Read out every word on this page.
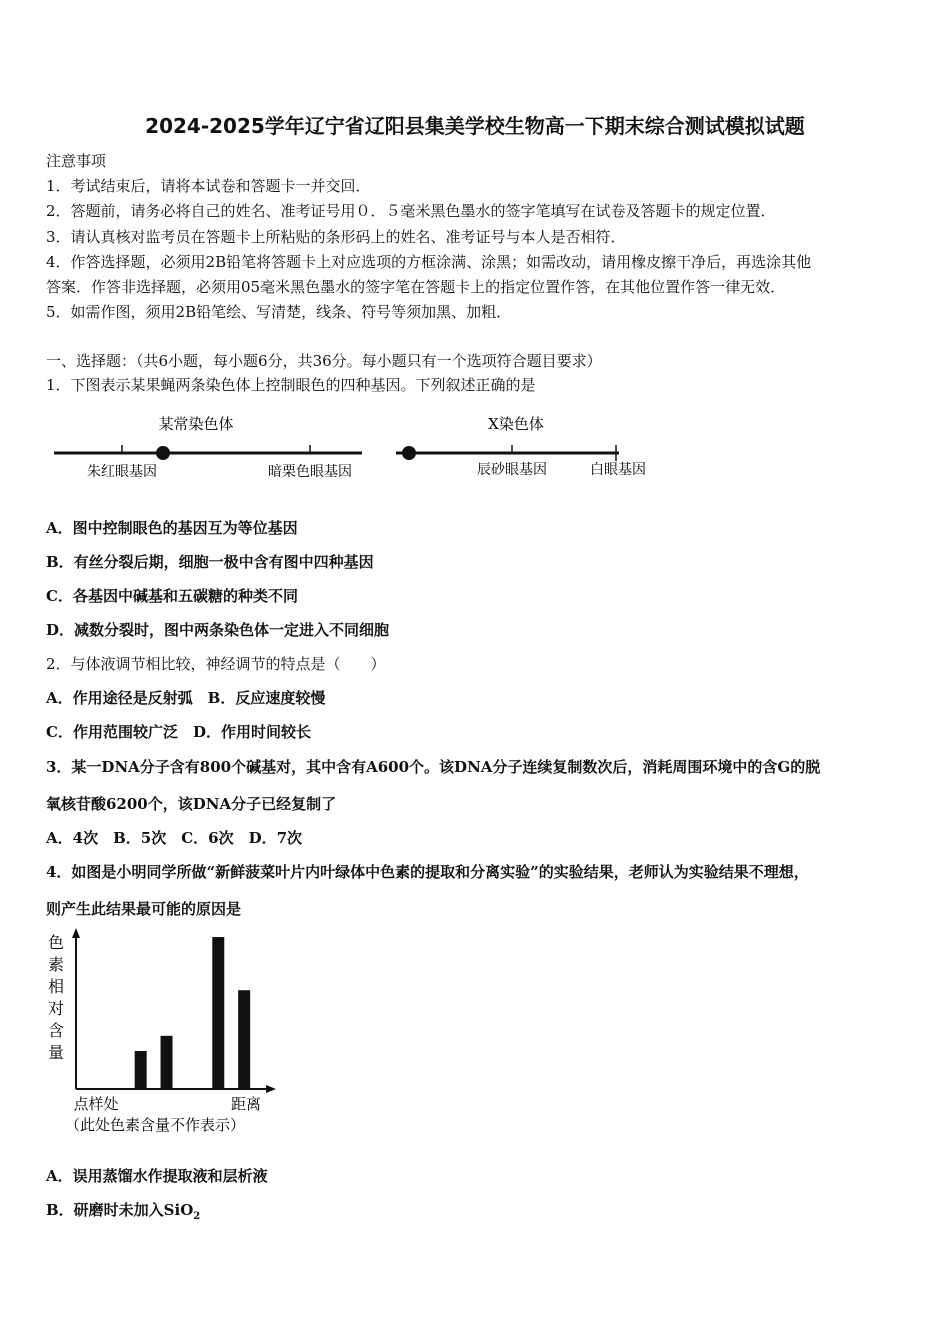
2024-2025学年辽宁省辽阳县集美学校生物高一下期末综合测试模拟试题
注意事项
1．考试结束后，请将本试卷和答题卡一并交回．
2．答题前，请务必将自己的姓名、准考证号用０．５毫米黑色墨水的签字笔填写在试卷及答题卡的规定位置．
3．请认真核对监考员在答题卡上所粘贴的条形码上的姓名、准考证号与本人是否相符．
4．作答选择题，必须用2B铅笔将答题卡上对应选项的方框涂满、涂黑；如需改动，请用橡皮擦干净后，再选涂其他
答案．作答非选择题，必须用05毫米黑色墨水的签字笔在答题卡上的指定位置作答，在其他位置作答一律无效．
5．如需作图，须用2B铅笔绘、写清楚，线条、符号等须加黑、加粗．
一、选择题：（共6小题，每小题6分，共36分。每小题只有一个选项符合题目要求）
1．下图表示某果蝇两条染色体上控制眼色的四种基因。下列叙述正确的是
某常染色体
朱红眼基因	暗栗色眼基因
X染色体
辰砂眼基因	白眼基因
A．图中控制眼色的基因互为等位基因
B．有丝分裂后期，细胞一极中含有图中四种基因
C．各基因中碱基和五碳糖的种类不同
D．减数分裂时，图中两条染色体一定进入不同细胞
2．与体液调节相比较，神经调节的特点是（　　）
A．作用途径是反射弧　B．反应速度较慢
C．作用范围较广泛　D．作用时间较长
3．某一DNA分子含有800个碱基对，其中含有A600个。该DNA分子连续复制数次后，消耗周围环境中的含G的脱
氧核苷酸6200个，该DNA分子已经复制了
A．4次　B．5次　C．6次　D．7次
4．如图是小明同学所做“新鲜菠菜叶片内叶绿体中色素的提取和分离实验”的实验结果，老师认为实验结果不理想，
则产生此结果最可能的原因是
色
素
相
对
含
量
点样处	距离
（此处色素含量不作表示）
A．误用蒸馏水作提取液和层析液
B．研磨时未加入SiO$_2$
